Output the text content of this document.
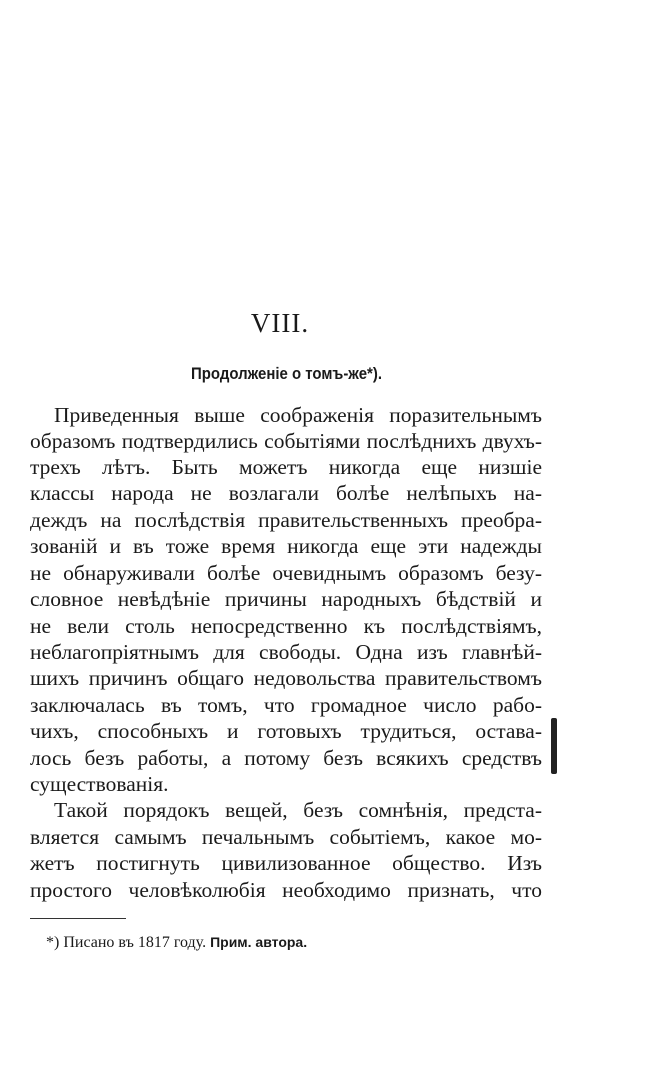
VIII.
Продолженіе о томъ-же*).
Приведенныя выше соображенія поразительнымъ
образомъ подтвердились событіями послѣднихъ двухъ-
трехъ лѣтъ. Быть можетъ никогда еще низшіе
классы народа не возлагали болѣе нелѣпыхъ на-
деждъ на послѣдствія правительственныхъ преобра-
зованій и въ тоже время никогда еще эти надежды
не обнаруживали болѣе очевиднымъ образомъ безу-
словное невѣдѣніе причины народныхъ бѣдствій и
не вели столь непосредственно къ послѣдствіямъ,
неблагопріятнымъ для свободы. Одна изъ главнѣй-
шихъ причинъ общаго недовольства правительствомъ
заключалась въ томъ, что громадное число рабо-
чихъ, способныхъ и готовыхъ трудиться, остава-
лось безъ работы, а потому безъ всякихъ средствъ
существованія.
Такой порядокъ вещей, безъ сомнѣнія, предста-
вляется самымъ печальнымъ событіемъ, какое мо-
жетъ постигнуть цивилизованное общество. Изъ
простого человѣколюбія необходимо признать, что
*) Писано въ 1817 году. Прим. автора.
